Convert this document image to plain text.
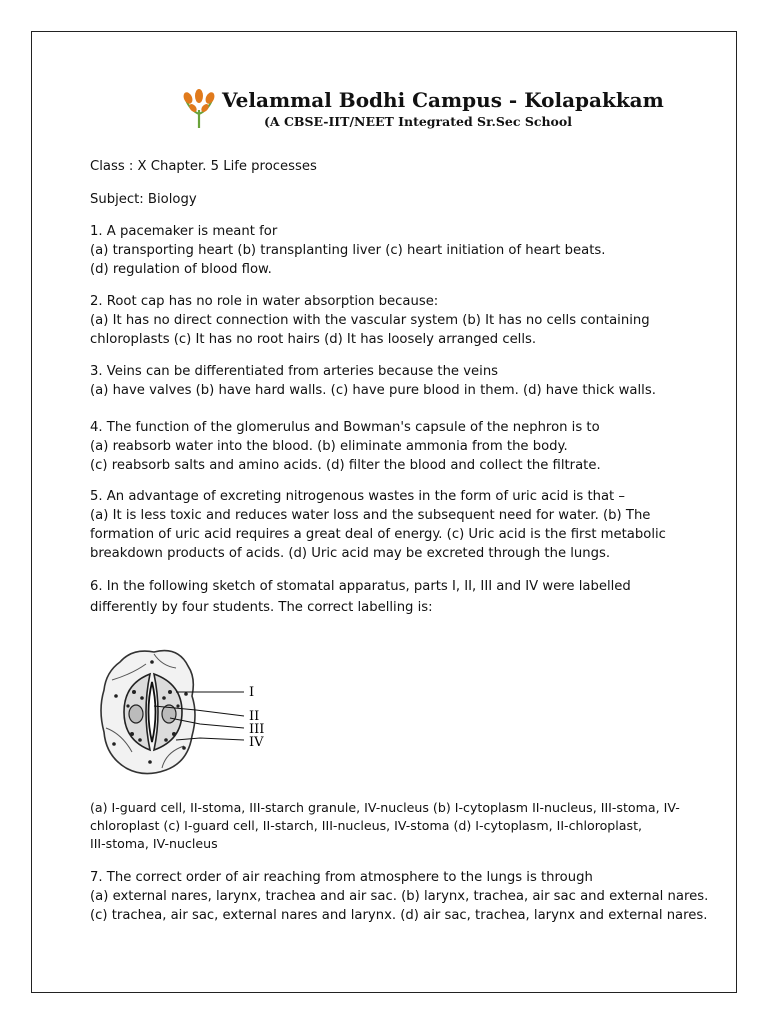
Velammal Bodhi Campus - Kolapakkam
(A CBSE-IIT/NEET Integrated Sr.Sec School
Class : X Chapter. 5 Life processes
Subject: Biology
1. A pacemaker is meant for
(a) transporting heart (b) transplanting liver (c) heart initiation of heart beats.
(d) regulation of blood flow.
2. Root cap has no role in water absorption because:
(a) It has no direct connection with the vascular system (b) It has no cells containing
chloroplasts (c) It has no root hairs (d) It has loosely arranged cells.
3. Veins can be differentiated from arteries because the veins
(a) have valves (b) have hard walls. (c) have pure blood in them. (d) have thick walls.
4. The function of the glomerulus and Bowman's capsule of the nephron is to
(a) reabsorb water into the blood. (b) eliminate ammonia from the body.
(c) reabsorb salts and amino acids. (d) filter the blood and collect the filtrate.
5. An advantage of excreting nitrogenous wastes in the form of uric acid is that –
(a) It is less toxic and reduces water loss and the subsequent need for water. (b) The
formation of uric acid requires a great deal of energy. (c) Uric acid is the first metabolic
breakdown products of acids. (d) Uric acid may be excreted through the lungs.
6. In the following sketch of stomatal apparatus, parts I, II, III and IV were labelled
differently by four students. The correct labelling is:
I
II
III
IV
(a) I-guard cell, II-stoma, III-starch granule, IV-nucleus (b) I-cytoplasm II-nucleus, III-stoma, IV-
chloroplast (c) I-guard cell, II-starch, III-nucleus, IV-stoma (d) I-cytoplasm, II-chloroplast,
III-stoma, IV-nucleus
7. The correct order of air reaching from atmosphere to the lungs is through
(a) external nares, larynx, trachea and air sac. (b) larynx, trachea, air sac and external nares.
(c) trachea, air sac, external nares and larynx. (d) air sac, trachea, larynx and external nares.
